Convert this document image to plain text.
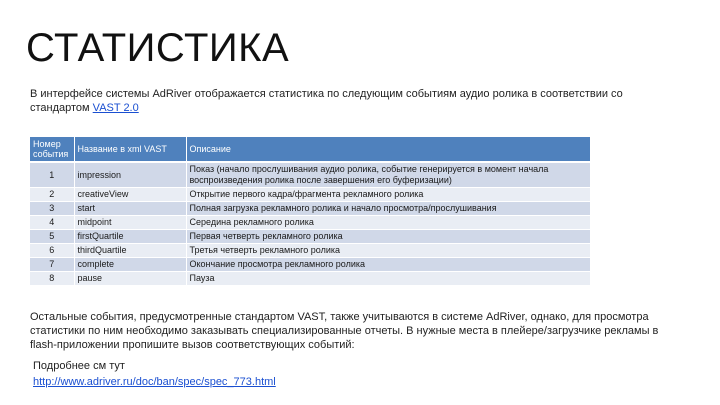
СТАТИСТИКА

В интерфейсе системы AdRiver отображается статистика по следующим событиям аудио ролика в соответствии со стандартом VAST 2.0

Номер события	Название в xml VAST	Описание
1	impression	Показ (начало прослушивания аудио ролика, событие генерируется в момент начала воспроизведения ролика после завершения его буферизации)
2	creativeView	Открытие первого кадра/фрагмента рекламного ролика
3	start	Полная загрузка рекламного ролика и начало просмотра/прослушивания
4	midpoint	Середина рекламного ролика
5	firstQuartile	Первая четверть рекламного ролика
6	thirdQuartile	Третья четверть рекламного ролика
7	complete	Окончание просмотра рекламного ролика
8	pause	Пауза

Остальные события, предусмотренные стандартом VAST, также учитываются в системе AdRiver, однако, для просмотра статистики по ним необходимо заказывать специализированные отчеты. В нужные места в плейере/загрузчике рекламы в flash-приложении пропишите вызов соответствующих событий:

Подробнее см тут
http://www.adriver.ru/doc/ban/spec/spec_773.html
